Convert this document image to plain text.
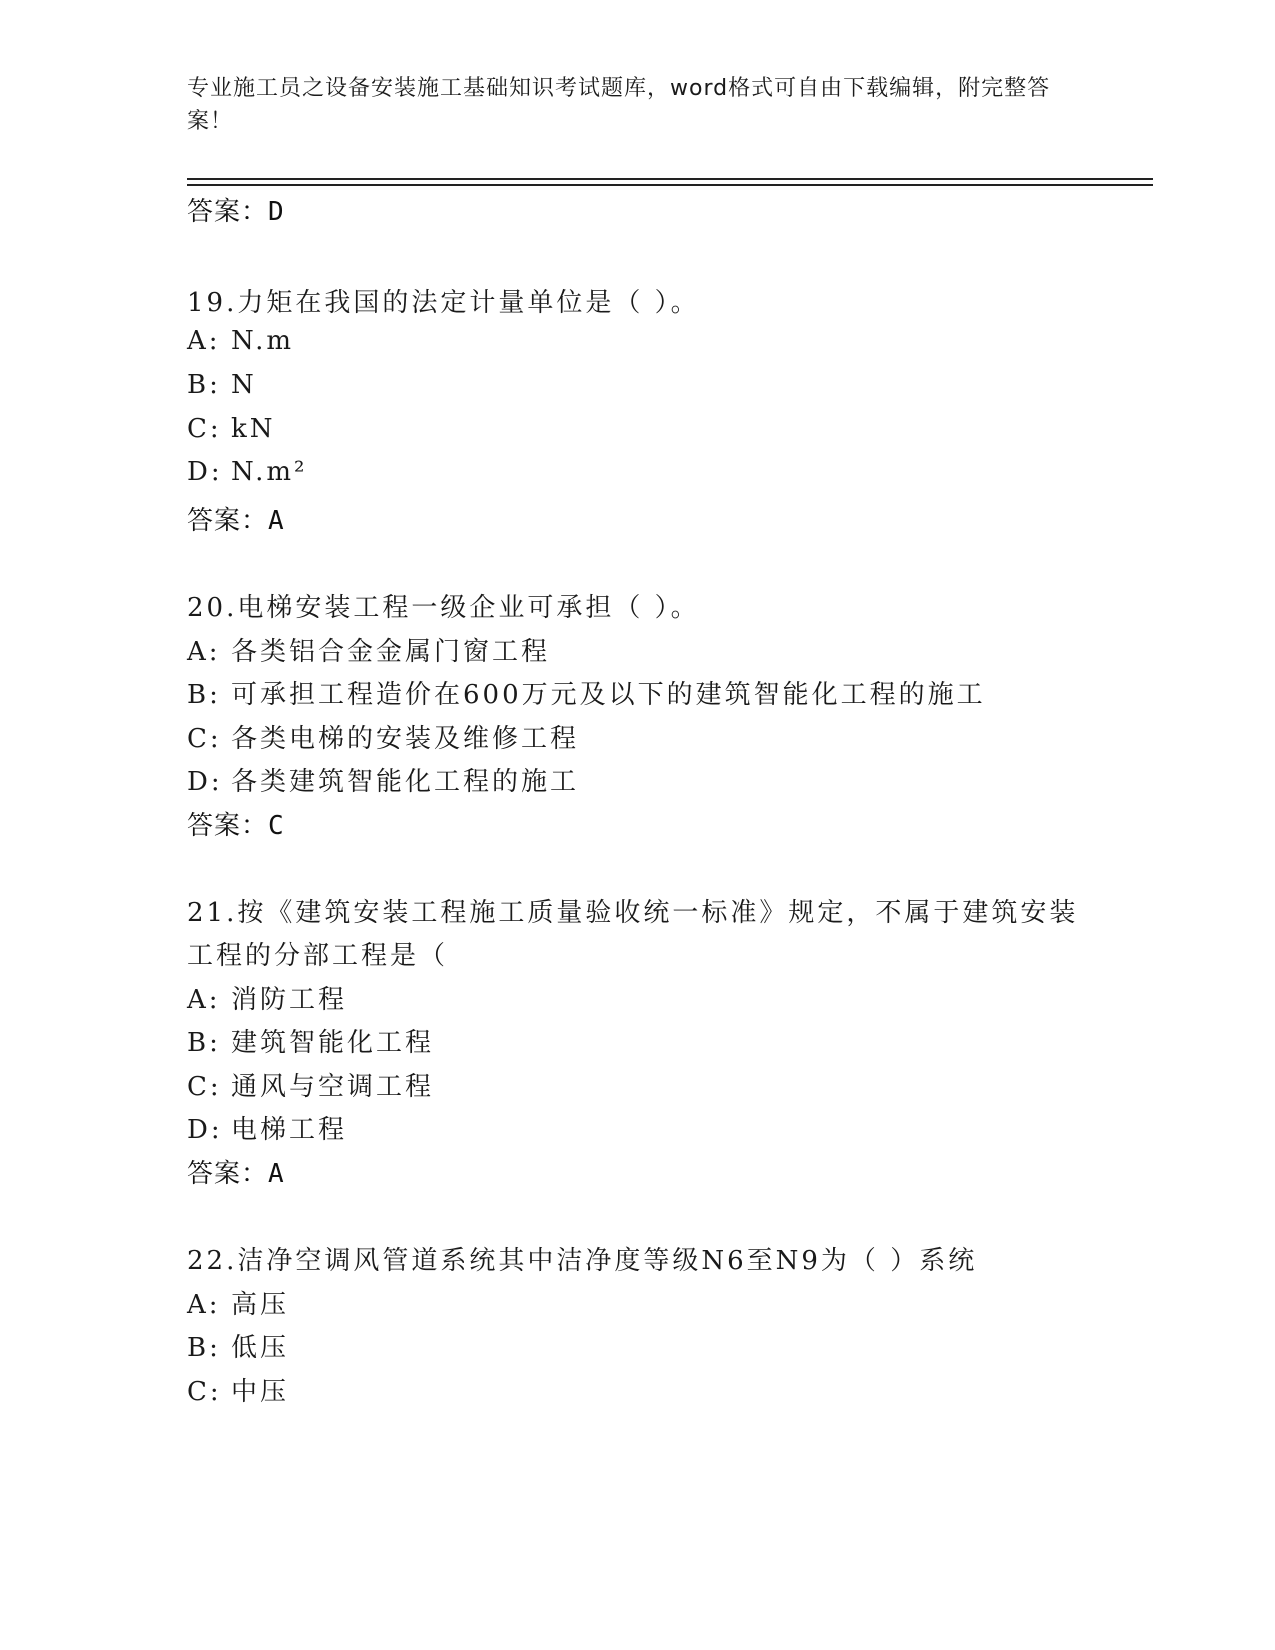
专业施工员之设备安装施工基础知识考试题库，word格式可自由下载编辑，附完整答案！
答案：D
19.力矩在我国的法定计量单位是（ ）。
A: N.m
B: N
C: kN
D: N.m²
答案：A
20.电梯安装工程一级企业可承担（ ）。
A: 各类铝合金金属门窗工程
B: 可承担工程造价在600万元及以下的建筑智能化工程的施工
C: 各类电梯的安装及维修工程
D: 各类建筑智能化工程的施工
答案：C
21.按《建筑安装工程施工质量验收统一标准》规定，不属于建筑安装
工程的分部工程是（
A: 消防工程
B: 建筑智能化工程
C: 通风与空调工程
D: 电梯工程
答案：A
22.洁净空调风管道系统其中洁净度等级N6至N9为（ ）系统
A: 高压
B: 低压
C: 中压
